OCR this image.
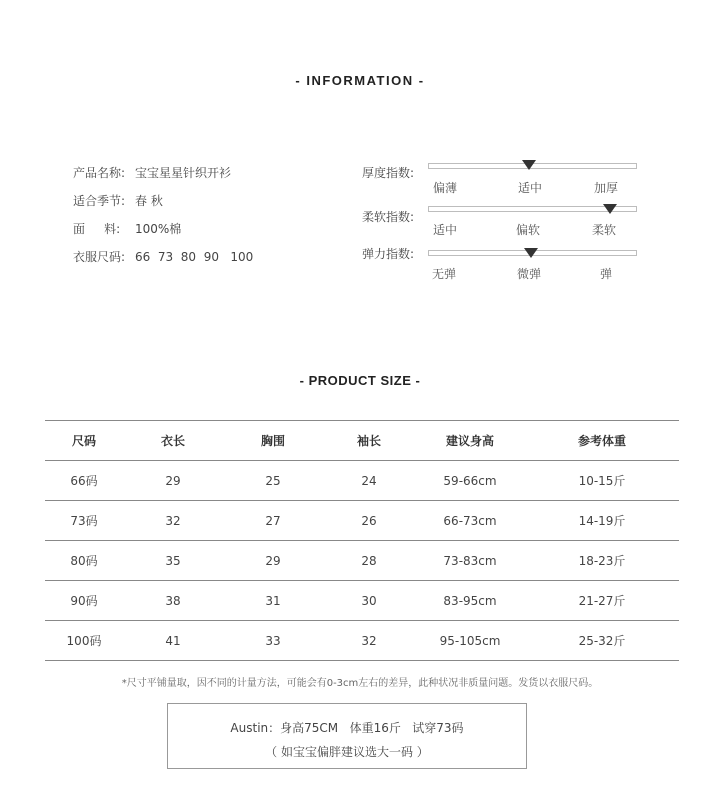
- INFORMATION -
产品名称: 宝宝星星针织开衫
适合季节: 春 秋
面     料: 100%棉
衣服尺码: 66  73  80  90   100
厚度指数:
偏薄	适中	加厚
柔软指数:
适中	偏软	柔软
弹力指数:
无弹	微弹	弹
- PRODUCT SIZE -
尺码	衣长	胸围	袖长	建议身高	参考体重
66码	29	25	24	59-66cm	10-15斤
73码	32	27	26	66-73cm	14-19斤
80码	35	29	28	73-83cm	18-23斤
90码	38	31	30	83-95cm	21-27斤
100码	41	33	32	95-105cm	25-32斤
*尺寸平铺量取，因不同的计量方法，可能会有0-3cm左右的差异，此种状况非质量问题。发货以衣服尺码。
Austin：身高75CM   体重16斤   试穿73码
（ 如宝宝偏胖建议选大一码 ）
